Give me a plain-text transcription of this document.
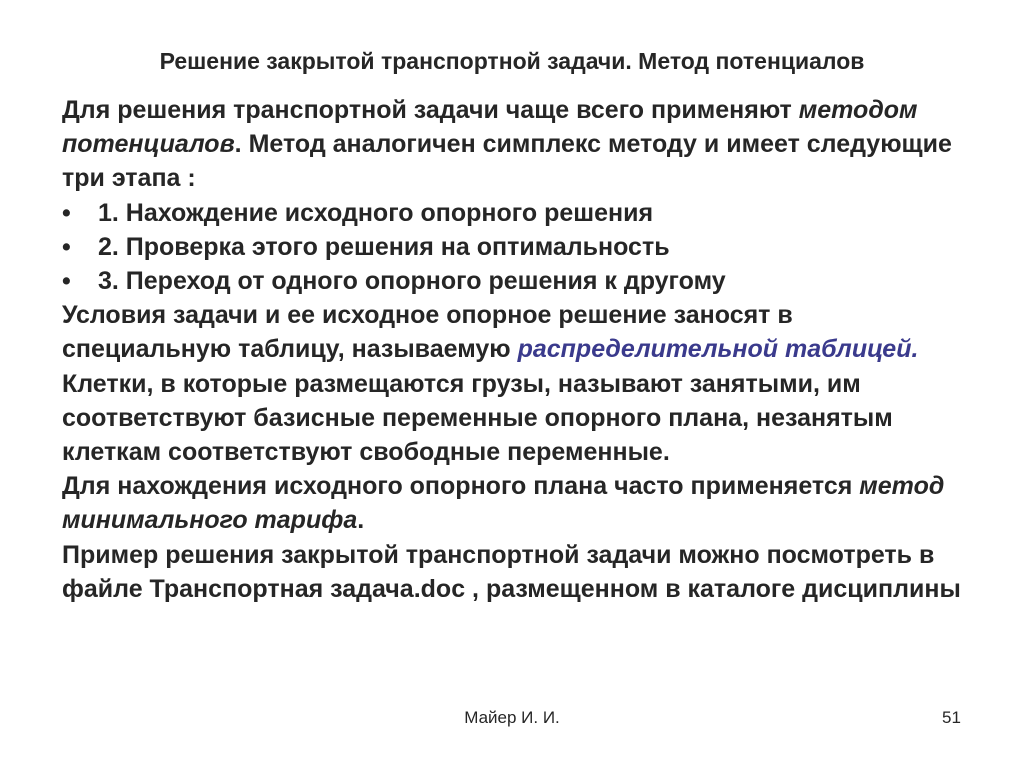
Решение закрытой транспортной задачи. Метод потенциалов

Для решения транспортной задачи чаще всего применяют методом потенциалов. Метод аналогичен симплекс методу и имеет следующие три этапа :

• 1. Нахождение исходного опорного решения
• 2. Проверка этого решения на оптимальность
• 3. Переход от одного опорного решения к другому

Условия задачи и ее исходное опорное решение заносят в специальную таблицу, называемую распределительной таблицей. Клетки, в которые размещаются грузы, называют занятыми, им соответствуют базисные переменные опорного плана, незанятым клеткам соответствуют свободные переменные.

Для нахождения исходного опорного плана часто применяется метод минимального тарифа.

Пример решения закрытой транспортной задачи можно посмотреть в файле Транспортная задача.doc , размещенном в каталоге дисциплины

Майер И. И.	51
